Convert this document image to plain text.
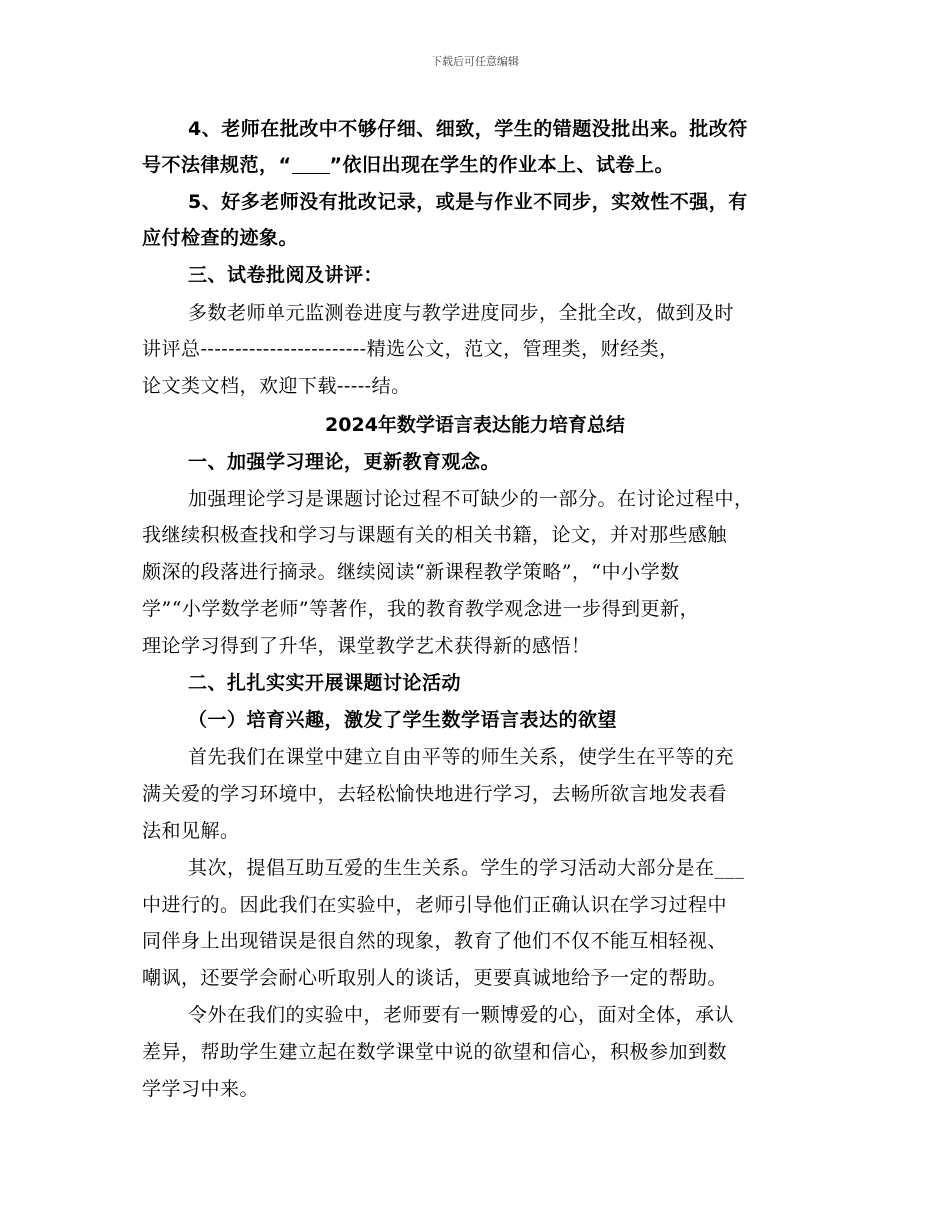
下载后可任意编辑
4、老师在批改中不够仔细、细致，学生的错题没批出来。批改符
号不法律规范，“ ”依旧出现在学生的作业本上、试卷上。
5、好多老师没有批改记录，或是与作业不同步，实效性不强，有
应付检查的迹象。
三、试卷批阅及讲评：
多数老师单元监测卷进度与教学进度同步，全批全改，做到及时
讲评总------------------------精选公文，范文，管理类，财经类，
论文类文档，欢迎下载-----结。
2024年数学语言表达能力培育总结
一、加强学习理论，更新教育观念。
加强理论学习是课题讨论过程不可缺少的一部分。在讨论过程中，
我继续积极查找和学习与课题有关的相关书籍，论文，并对那些感触
颇深的段落进行摘录。继续阅读“新课程教学策略”，“中小学数
学”“小学数学老师”等著作，我的教育教学观念进一步得到更新，
理论学习得到了升华，课堂教学艺术获得新的感悟！
二、扎扎实实开展课题讨论活动
（一）培育兴趣，激发了学生数学语言表达的欲望
首先我们在课堂中建立自由平等的师生关系，使学生在平等的充
满关爱的学习环境中，去轻松愉快地进行学习，去畅所欲言地发表看
法和见解。
其次，提倡互助互爱的生生关系。学生的学习活动大部分是在___
中进行的。因此我们在实验中，老师引导他们正确认识在学习过程中
同伴身上出现错误是很自然的现象，教育了他们不仅不能互相轻视、
嘲讽，还要学会耐心听取别人的谈话，更要真诚地给予一定的帮助。
令外在我们的实验中，老师要有一颗博爱的心，面对全体，承认
差异，帮助学生建立起在数学课堂中说的欲望和信心，积极参加到数
学学习中来。
